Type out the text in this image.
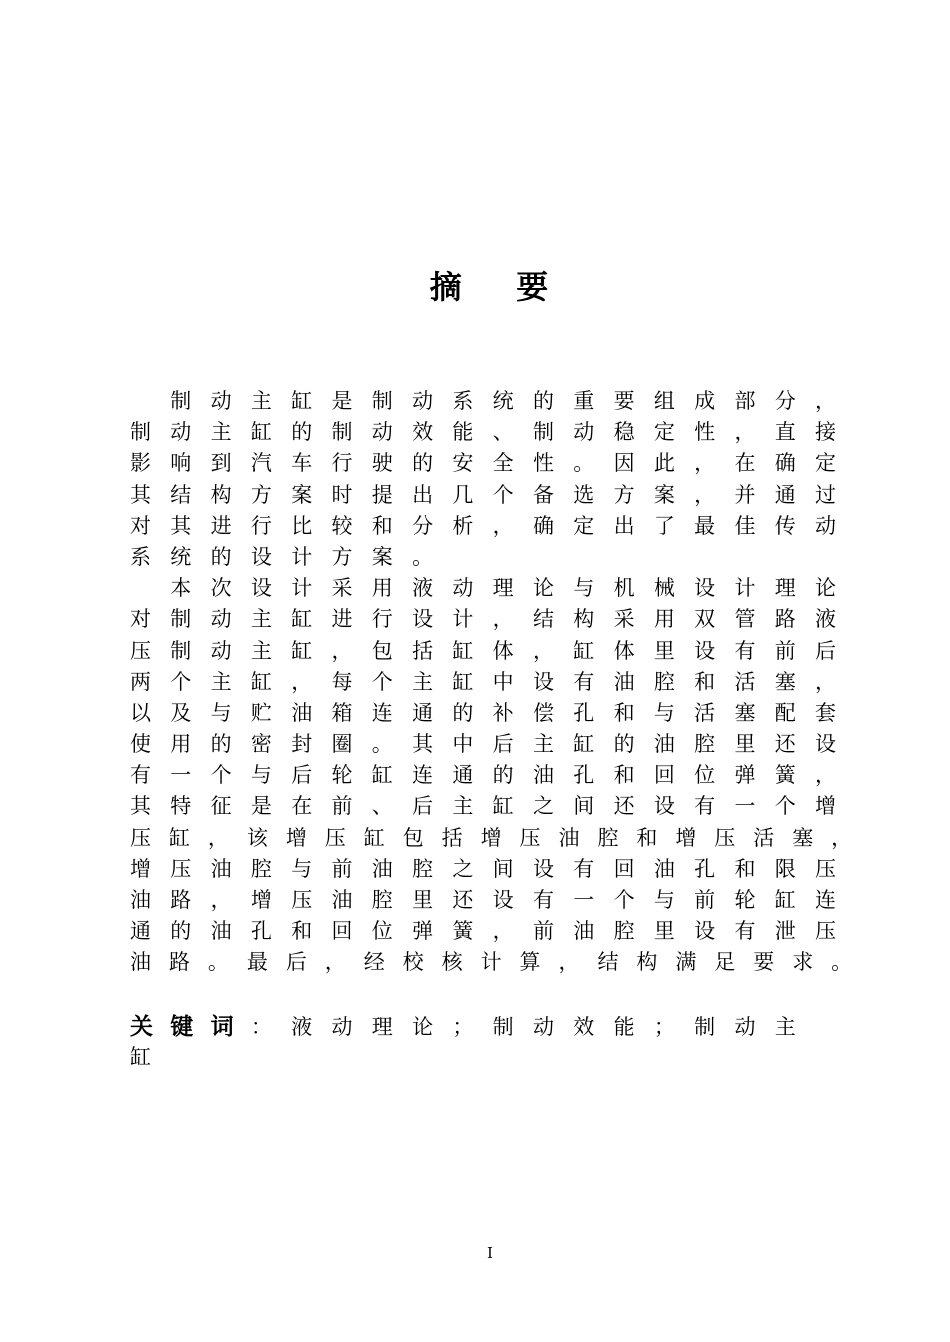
摘    要

制 动 主 缸 是 制 动 系 统 的 重 要 组 成 部 分 ，
制 动 主 缸 的 制 动 效 能 、 制 动 稳 定 性 ， 直 接
影 响 到 汽 车 行 驶 的 安 全 性 。 因 此 ， 在 确 定
其 结 构 方 案 时 提 出 几 个 备 选 方 案 ， 并 通 过
对 其 进 行 比 较 和 分 析 ， 确 定 出 了 最 佳 传 动
系 统 的 设 计 方 案 。

本 次 设 计 采 用 液 动 理 论 与 机 械 设 计 理 论
对 制 动 主 缸 进 行 设 计 ， 结 构 采 用 双 管 路 液
压 制 动 主 缸 ， 包 括 缸 体 ， 缸 体 里 设 有 前 后
两 个 主 缸 ， 每 个 主 缸 中 设 有 油 腔 和 活 塞 ，
以 及 与 贮 油 箱 连 通 的 补 偿 孔 和 与 活 塞 配 套
使 用 的 密 封 圈 。 其 中 后 主 缸 的 油 腔 里 还 设
有 一 个 与 后 轮 缸 连 通 的 油 孔 和 回 位 弹 簧 ，
其 特 征 是 在 前 、 后 主 缸 之 间 还 设 有 一 个 增
压 缸 ， 该 增 压 缸 包 括 增 压 油 腔 和 增 压 活 塞 ，
增 压 油 腔 与 前 油 腔 之 间 设 有 回 油 孔 和 限 压
油 路 ， 增 压 油 腔 里 还 设 有 一 个 与 前 轮 缸 连
通 的 油 孔 和 回 位 弹 簧 ， 前 油 腔 里 设 有 泄 压
油 路 。 最 后 ， 经 校 核 计 算 ， 结 构 满 足 要 求 。
关 键 词 ： 液 动 理 论 ； 制 动 效 能 ； 制 动 主
缸
I
